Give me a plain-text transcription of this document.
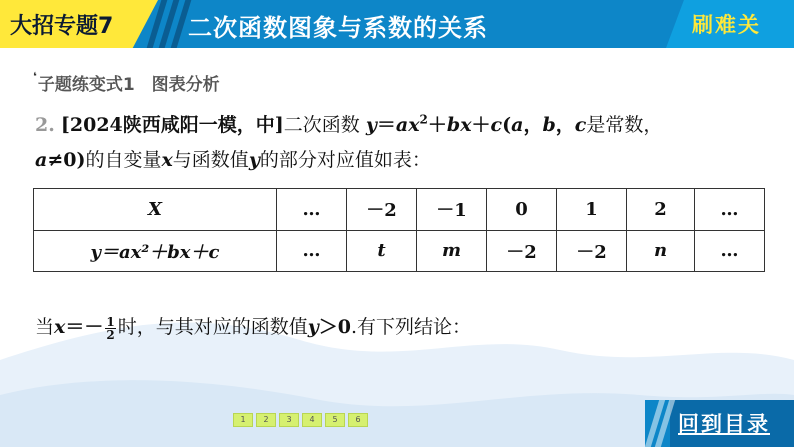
大招专题7	二次函数图象与系数的关系	刷难关
❛子题练变式1　图表分析
2. [2024陕西咸阳一模，中]二次函数 $y=ax^2+bx+c(a$，b，c是常数，
a≠0)的自变量x与函数值y的部分对应值如表：
X	…	－2	－1	0	1	2	…
y＝ax²＋bx＋c	…	t	m	－2	－2	n	…
当$x=- \frac{1}{2}$ 时，与其对应的函数值y＞0.有下列结论：
1 2 3 4 5 6	回到目录
